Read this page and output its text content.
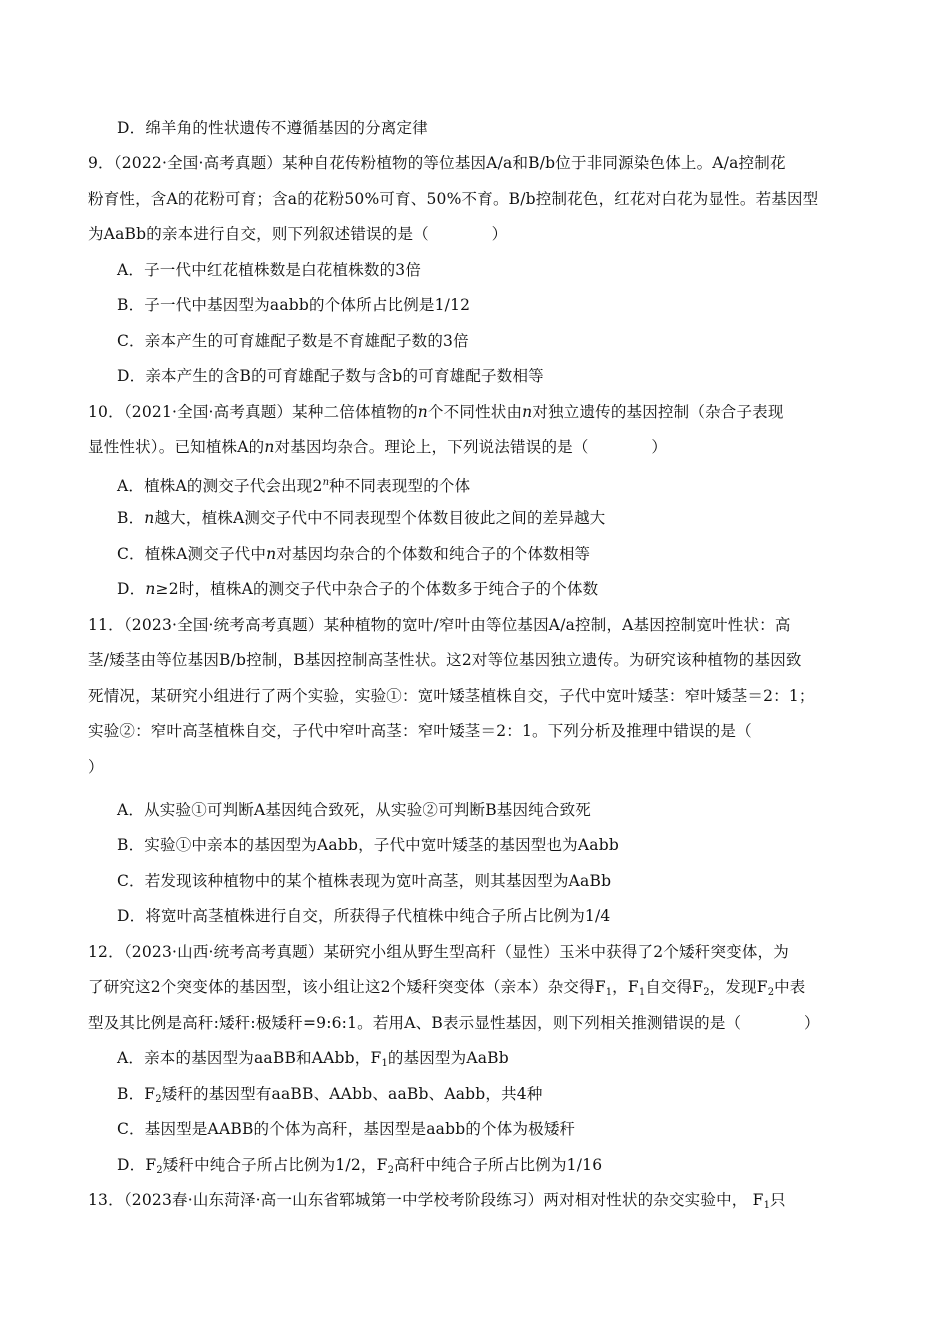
D．绵羊角的性状遗传不遵循基因的分离定律
9．（2022·全国·高考真题）某种自花传粉植物的等位基因A/a和B/b位于非同源染色体上。A/a控制花
粉育性，含A的花粉可育；含a的花粉50%可育、50%不育。B/b控制花色，红花对白花为显性。若基因型
为AaBb的亲本进行自交，则下列叙述错误的是（　　　　）
A．子一代中红花植株数是白花植株数的3倍
B．子一代中基因型为aabb的个体所占比例是1/12
C．亲本产生的可育雄配子数是不育雄配子数的3倍
D．亲本产生的含B的可育雄配子数与含b的可育雄配子数相等
10．（2021·全国·高考真题）某种二倍体植物的n个不同性状由n对独立遗传的基因控制（杂合子表现
显性性状）。已知植株A的n对基因均杂合。理论上，下列说法错误的是（　　　　）
A．植株A的测交子代会出现2$^n$种不同表现型的个体
B．n越大，植株A测交子代中不同表现型个体数目彼此之间的差异越大
C．植株A测交子代中n对基因均杂合的个体数和纯合子的个体数相等
D．n≥2时，植株A的测交子代中杂合子的个体数多于纯合子的个体数
11．（2023·全国·统考高考真题）某种植物的宽叶/窄叶由等位基因A/a控制，A基因控制宽叶性状：高
茎/矮茎由等位基因B/b控制，B基因控制高茎性状。这2对等位基因独立遗传。为研究该种植物的基因致
死情况，某研究小组进行了两个实验，实验①：宽叶矮茎植株自交，子代中宽叶矮茎：窄叶矮茎＝2：1；
实验②：窄叶高茎植株自交，子代中窄叶高茎：窄叶矮茎＝2：1。下列分析及推理中错误的是（
）
A．从实验①可判断A基因纯合致死，从实验②可判断B基因纯合致死
B．实验①中亲本的基因型为Aabb，子代中宽叶矮茎的基因型也为Aabb
C．若发现该种植物中的某个植株表现为宽叶高茎，则其基因型为AaBb
D．将宽叶高茎植株进行自交，所获得子代植株中纯合子所占比例为1/4
12．（2023·山西·统考高考真题）某研究小组从野生型高秆（显性）玉米中获得了2个矮秆突变体，为
了研究这2个突变体的基因型，该小组让这2个矮秆突变体（亲本）杂交得$F_1$，$F_1$自交得$F_2$，发现$F_2$中表
型及其比例是高秆:矮秆:极矮秆=9:6:1。若用A、B表示显性基因，则下列相关推测错误的是（　　　　）
A．亲本的基因型为aaBB和AAbb，$F_1$的基因型为AaBb
B．$F_2$矮秆的基因型有aaBB、AAbb、aaBb、Aabb，共4种
C．基因型是AABB的个体为高秆，基因型是aabb的个体为极矮秆
D．$F_2$矮秆中纯合子所占比例为1/2，$F_2$高秆中纯合子所占比例为1/16
13．（2023春·山东菏泽·高一山东省郓城第一中学校考阶段练习）两对相对性状的杂交实验中， $F_1$只
